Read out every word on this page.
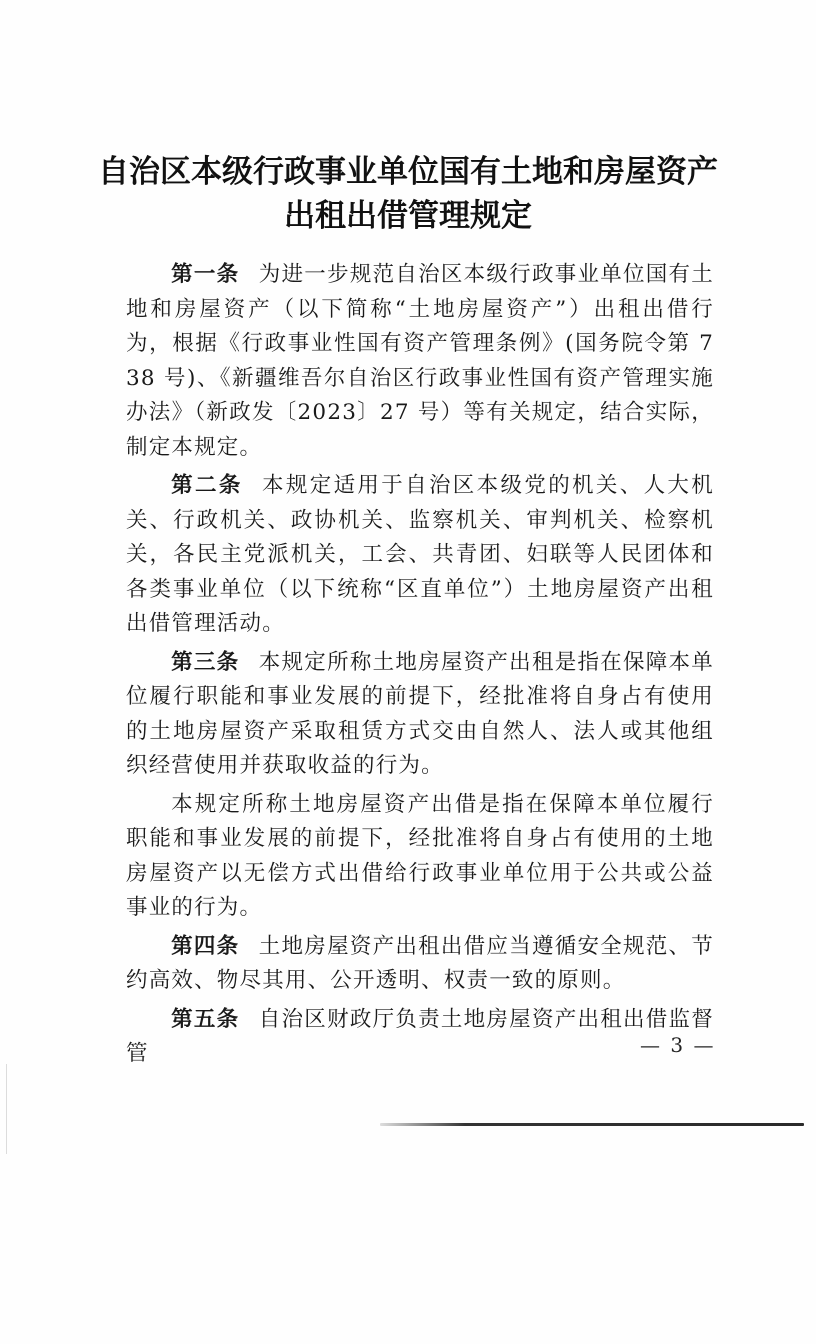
自治区本级行政事业单位国有土地和房屋资产
出租出借管理规定

第一条 为进一步规范自治区本级行政事业单位国有土地和房屋资产（以下简称“土地房屋资产”）出租出借行为，根据《行政事业性国有资产管理条例》(国务院令第 738 号)、《新疆维吾尔自治区行政事业性国有资产管理实施办法》（新政发〔2023〕27 号）等有关规定，结合实际，制定本规定。

第二条 本规定适用于自治区本级党的机关、人大机关、行政机关、政协机关、监察机关、审判机关、检察机关，各民主党派机关，工会、共青团、妇联等人民团体和各类事业单位（以下统称“区直单位”）土地房屋资产出租出借管理活动。

第三条 本规定所称土地房屋资产出租是指在保障本单位履行职能和事业发展的前提下，经批准将自身占有使用的土地房屋资产采取租赁方式交由自然人、法人或其他组织经营使用并获取收益的行为。

本规定所称土地房屋资产出借是指在保障本单位履行职能和事业发展的前提下，经批准将自身占有使用的土地房屋资产以无偿方式出借给行政事业单位用于公共或公益事业的行为。

第四条 土地房屋资产出租出借应当遵循安全规范、节约高效、物尽其用、公开透明、权责一致的原则。

第五条 自治区财政厅负责土地房屋资产出租出借监督管	— 3 —
